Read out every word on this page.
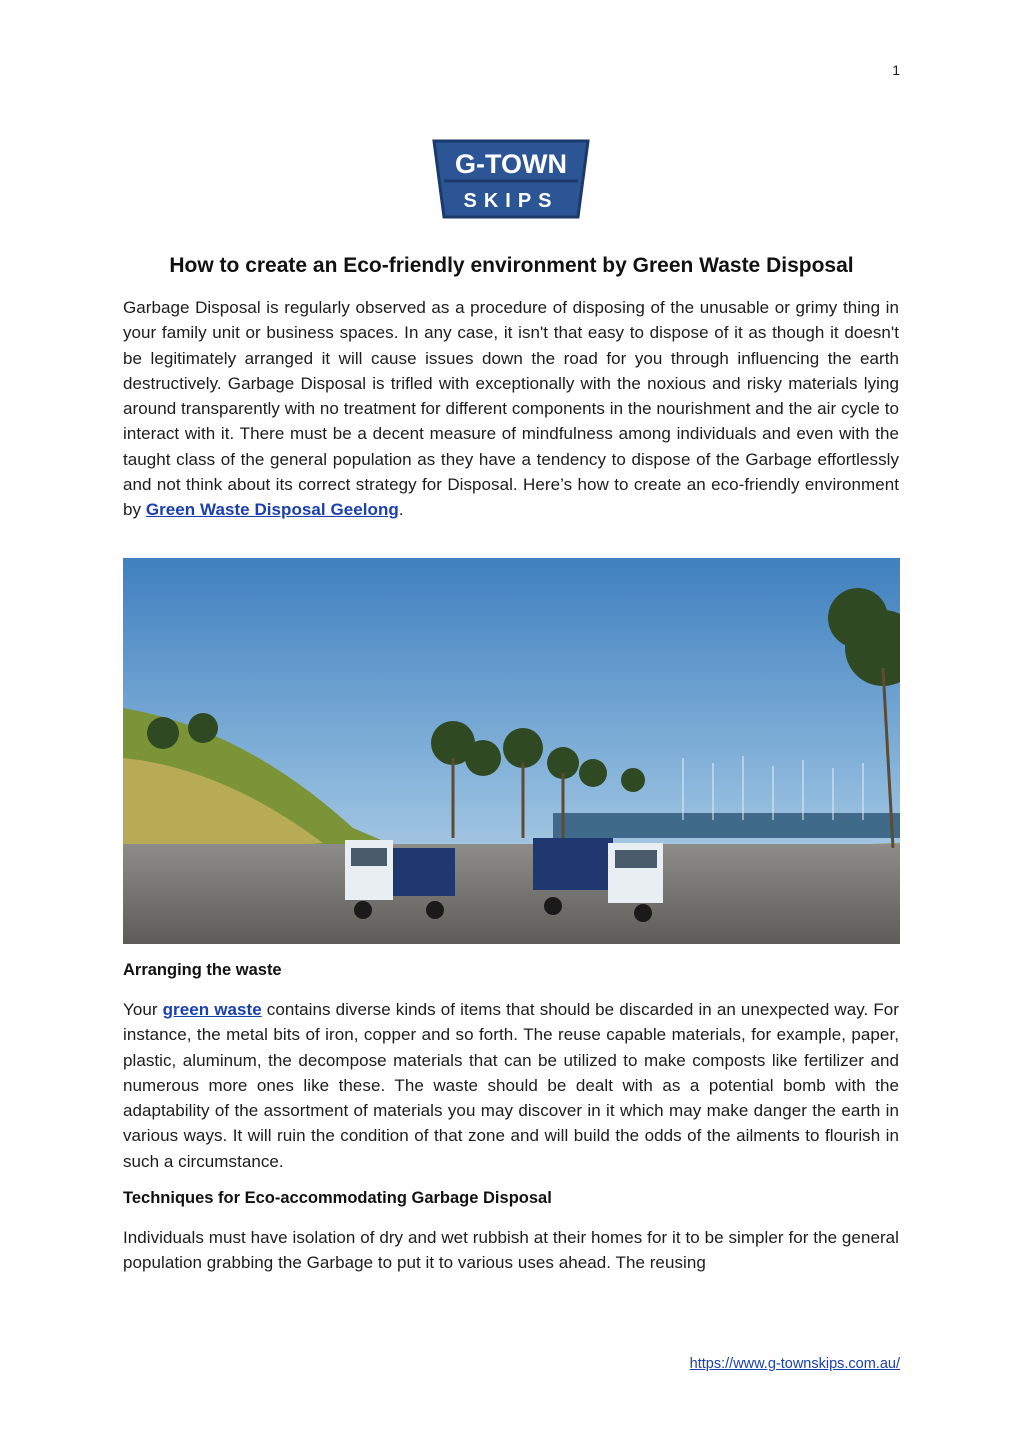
1
G-TOWN
SKIPS
How to create an Eco-friendly environment by Green Waste Disposal

Garbage Disposal is regularly observed as a procedure of disposing of the unusable or grimy thing in your family unit or business spaces. In any case, it isn't that easy to dispose of it as though it doesn't be legitimately arranged it will cause issues down the road for you through influencing the earth destructively. Garbage Disposal is trifled with exceptionally with the noxious and risky materials lying around transparently with no treatment for different components in the nourishment and the air cycle to interact with it. There must be a decent measure of mindfulness among individuals and even with the taught class of the general population as they have a tendency to dispose of the Garbage effortlessly and not think about its correct strategy for Disposal. Here’s how to create an eco-friendly environment by Green Waste Disposal Geelong.

Arranging the waste

Your green waste contains diverse kinds of items that should be discarded in an unexpected way. For instance, the metal bits of iron, copper and so forth. The reuse capable materials, for example, paper, plastic, aluminum, the decompose materials that can be utilized to make composts like fertilizer and numerous more ones like these. The waste should be dealt with as a potential bomb with the adaptability of the assortment of materials you may discover in it which may make danger the earth in various ways. It will ruin the condition of that zone and will build the odds of the ailments to flourish in such a circumstance.

Techniques for Eco-accommodating Garbage Disposal

Individuals must have isolation of dry and wet rubbish at their homes for it to be simpler for the general population grabbing the Garbage to put it to various uses ahead. The reusing

https://www.g-townskips.com.au/
